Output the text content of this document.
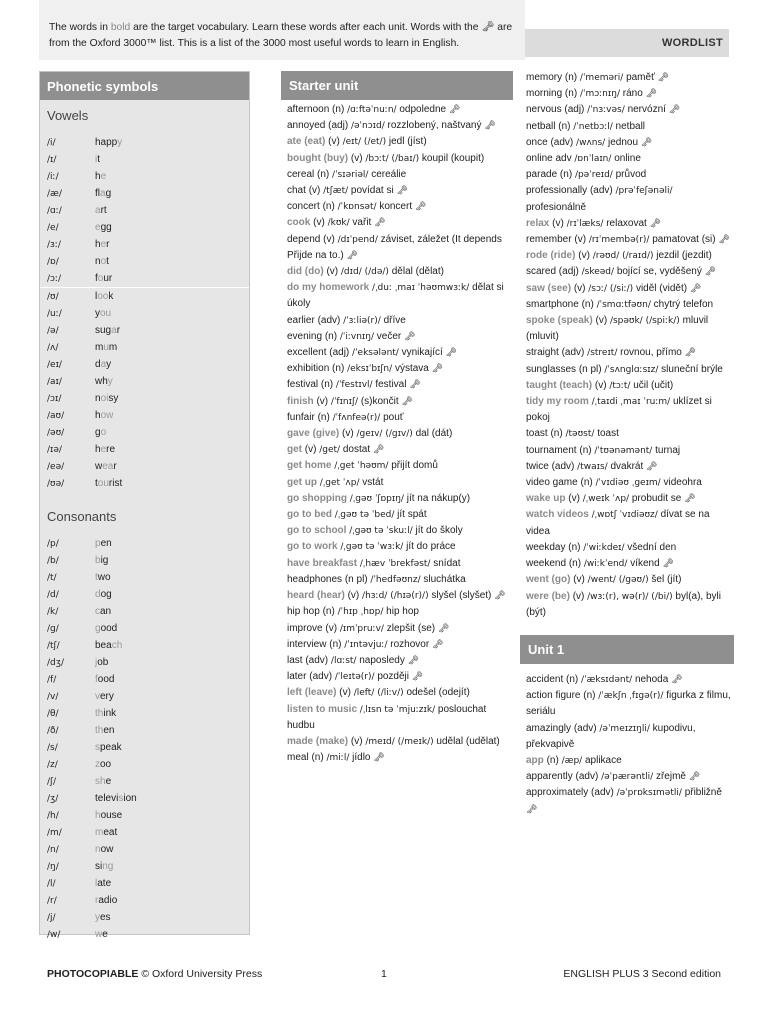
The words in bold are the target vocabulary. Learn these words after each unit. Words with the 🗝 are
from the Oxford 3000™ list. This is a list of the 3000 most useful words to learn in English.	WORDLIST
Phonetic symbols
Vowels
/i/	happy
/ɪ/	it
/iː/	he
/æ/	flag
/ɑː/	art
/e/	egg
/ɜː/	her
/ɒ/	not
/ɔː/	four
/ʊ/	look
/uː/	you
/ə/	sugar
/ʌ/	mum
/eɪ/	day
/aɪ/	why
/ɔɪ/	noisy
/aʊ/	how
/əʊ/	go
/ɪə/	here
/eə/	wear
/ʊə/	tourist
Consonants
/p/	pen
/b/	big
/t/	two
/d/	dog
/k/	can
/g/	good
/tʃ/	beach
/dʒ/	job
/f/	food
/v/	very
/θ/	think
/ð/	then
/s/	speak
/z/	zoo
/ʃ/	she
/ʒ/	television
/h/	house
/m/	meat
/n/	now
/ŋ/	sing
/l/	late
/r/	radio
/j/	yes
/w/	we
Starter unit
afternoon (n) /ɑːftəˈnuːn/ odpoledne 🗝
annoyed (adj) /əˈnɔɪd/ rozzlobený, naštvaný 🗝
ate (eat) (v) /eɪt/ (/et/) jedl (jíst)
bought (buy) (v) /bɔːt/ (/baɪ/) koupil (koupit)
cereal (n) /ˈsɪəriəl/ cereálie
chat (v) /tʃæt/ povídat si 🗝
concert (n) /ˈkɒnsət/ koncert 🗝
cook (v) /kʊk/ vařit 🗝
depend (v) /dɪˈpend/ záviset, záležet (It depends Přijde na to.) 🗝
did (do) (v) /dɪd/ (/də/) dělal (dělat)
do my homework /ˌduː ˌmaɪ ˈhəʊmwɜːk/ dělat si úkoly
earlier (adv) /ˈɜːliə(r)/ dříve
evening (n) /ˈiːvnɪŋ/ večer 🗝
excellent (adj) /ˈeksələnt/ vynikající 🗝
exhibition (n) /eksɪˈbɪʃn/ výstava 🗝
festival (n) /ˈfestɪvl/ festival 🗝
finish (v) /ˈfɪnɪʃ/ (s)končit 🗝
funfair (n) /ˈfʌnfeə(r)/ pouť
gave (give) (v) /geɪv/ (/gɪv/) dal (dát)
get (v) /get/ dostat 🗝
get home /ˌget ˈhəʊm/ přijít domů
get up /ˌget ˈʌp/ vstát
go shopping /ˌgəʊ ˈʃɒpɪŋ/ jít na nákup(y)
go to bed /ˌgəʊ tə ˈbed/ jít spát
go to school /ˌgəʊ tə ˈskuːl/ jít do školy
go to work /ˌgəʊ tə ˈwɜːk/ jít do práce
have breakfast /ˌhæv ˈbrekfəst/ snídat
headphones (n pl) /ˈhedfəʊnz/ sluchátka
heard (hear) (v) /hɜːd/ (/hɪə(r)/) slyšel (slyšet) 🗝
hip hop (n) /ˈhɪp ˌhɒp/ hip hop
improve (v) /ɪmˈpruːv/ zlepšit (se) 🗝
interview (n) /ˈɪntəvjuː/ rozhovor 🗝
last (adv) /lɑːst/ naposledy 🗝
later (adv) /ˈleɪtə(r)/ později 🗝
left (leave) (v) /left/ (/liːv/) odešel (odejít)
listen to music /ˌlɪsn tə ˈmjuːzɪk/ poslouchat hudbu
made (make) (v) /meɪd/ (/meɪk/) udělal (udělat)
meal (n) /miːl/ jídlo 🗝
memory (n) /ˈmeməri/ paměť 🗝
morning (n) /ˈmɔːnɪŋ/ ráno 🗝
nervous (adj) /ˈnɜːvəs/ nervózní 🗝
netball (n) /ˈnetbɔːl/ netball
once (adv) /wʌns/ jednou 🗝
online adv /ɒnˈlaɪn/ online
parade (n) /pəˈreɪd/ průvod
professionally (adv) /prəˈfeʃənəli/ profesionálně
relax (v) /rɪˈlæks/ relaxovat 🗝
remember (v) /rɪˈmembə(r)/ pamatovat (si) 🗝
rode (ride) (v) /rəʊd/ (/raɪd/) jezdil (jezdit)
scared (adj) /skeəd/ bojící se, vyděšený 🗝
saw (see) (v) /sɔː/ (/siː/) viděl (vidět) 🗝
smartphone (n) /ˈsmɑːtfəʊn/ chytrý telefon
spoke (speak) (v) /spəʊk/ (/spiːk/) mluvil (mluvit)
straight (adv) /streɪt/ rovnou, přímo 🗝
sunglasses (n pl) /ˈsʌnglɑːsɪz/ sluneční brýle
taught (teach) (v) /tɔːt/ učil (učit)
tidy my room /ˌtaɪdi ˌmaɪ ˈruːm/ uklízet si pokoj
toast (n) /təʊst/ toast
tournament (n) /ˈtʊənəmənt/ turnaj
twice (adv) /twaɪs/ dvakrát 🗝
video game (n) /ˈvɪdiəʊ ˌgeɪm/ videohra
wake up (v) /ˌweɪk ˈʌp/ probudit se 🗝
watch videos /ˌwɒtʃ ˈvɪdiəʊz/ dívat se na videa
weekday (n) /ˈwiːkdeɪ/ všední den
weekend (n) /wiːkˈend/ víkend 🗝
went (go) (v) /went/ (/gəʊ/) šel (jít)
were (be) (v) /wɜː(r), wə(r)/ (/bi/) byl(a), byli (být)
Unit 1
accident (n) /ˈæksɪdənt/ nehoda 🗝
action figure (n) /ˈækʃn ˌfɪgə(r)/ figurka z filmu, seriálu
amazingly (adv) /əˈmeɪzɪŋli/ kupodivu, překvapivě
app (n) /æp/ aplikace
apparently (adv) /əˈpærəntli/ zřejmě 🗝
approximately (adv) /əˈprɒksɪmətli/ přibližně 🗝
PHOTOCOPIABLE © Oxford University Press	1	ENGLISH PLUS 3 Second edition
